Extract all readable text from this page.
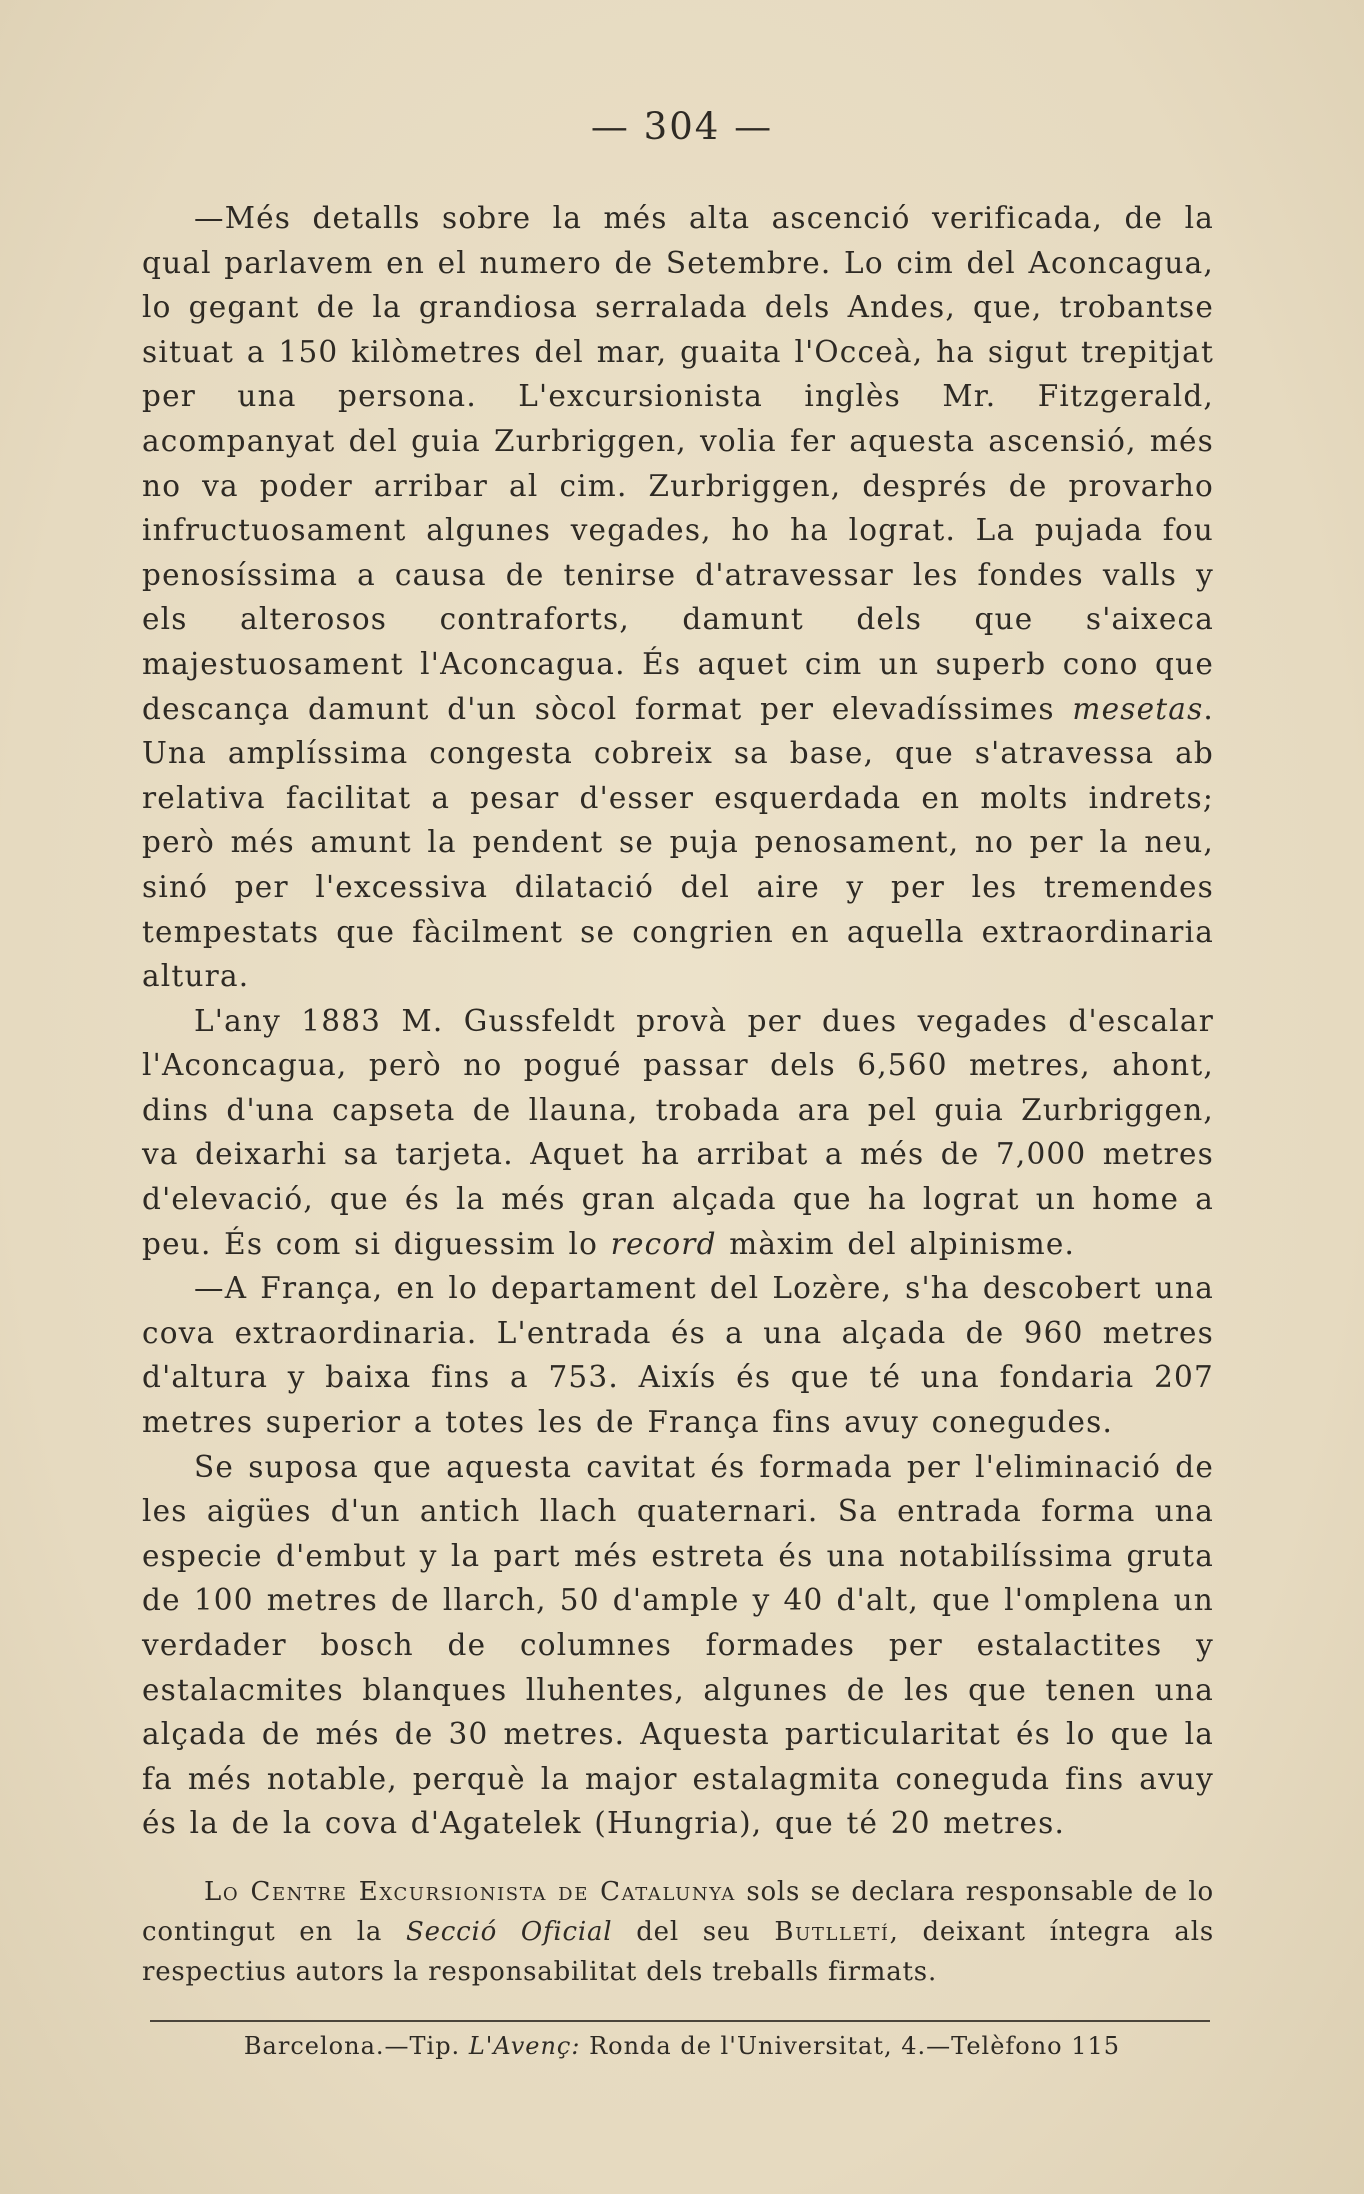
— 304 —

—Més detalls sobre la més alta ascenció verificada, de la qual parlavem en el numero de Setembre. Lo cim del Aconcagua, lo gegant de la grandiosa serralada dels Andes, que, trobantse situat a 150 kilòmetres del mar, guaita l'Occeà, ha sigut trepitjat per una persona. L'excursionista inglès Mr. Fitzgerald, acompanyat del guia Zurbriggen, volia fer aquesta ascensió, més no va poder arribar al cim. Zurbriggen, després de provarho infructuosament algunes vegades, ho ha lograt. La pujada fou penosíssima a causa de tenirse d'atravessar les fondes valls y els alterosos contraforts, damunt dels que s'aixeca majestuosament l'Aconcagua. És aquet cim un superb cono que descança damunt d'un sòcol format per elevadíssimes mesetas. Una amplíssima congesta cobreix sa base, que s'atravessa ab relativa facilitat a pesar d'esser esquerdada en molts indrets; però més amunt la pendent se puja penosament, no per la neu, sinó per l'excessiva dilatació del aire y per les tremendes tempestats que fàcilment se congrien en aquella extraordinaria altura.

L'any 1883 M. Gussfeldt provà per dues vegades d'escalar l'Aconcagua, però no pogué passar dels 6,560 metres, ahont, dins d'una capseta de llauna, trobada ara pel guia Zurbriggen, va deixarhi sa tarjeta. Aquet ha arribat a més de 7,000 metres d'elevació, que és la més gran alçada que ha lograt un home a peu. És com si diguessim lo record màxim del alpinisme.

—A França, en lo departament del Lozère, s'ha descobert una cova extraordinaria. L'entrada és a una alçada de 960 metres d'altura y baixa fins a 753. Aixís és que té una fondaria 207 metres superior a totes les de França fins avuy conegudes.

Se suposa que aquesta cavitat és formada per l'eliminació de les aigües d'un antich llach quaternari. Sa entrada forma una especie d'embut y la part més estreta és una notabilíssima gruta de 100 metres de llarch, 50 d'ample y 40 d'alt, que l'omplena un verdader bosch de columnes formades per estalactites y estalacmites blanques lluhentes, algunes de les que tenen una alçada de més de 30 metres. Aquesta particularitat és lo que la fa més notable, perquè la major estalagmita coneguda fins avuy és la de la cova d'Agatelek (Hungria), que té 20 metres.

Lo Centre Excursionista de Catalunya sols se declara responsable de lo contingut en la Secció Oficial del seu Butlletí, deixant íntegra als respectius autors la responsabilitat dels treballs firmats.
Barcelona.—Tip. L'Avenç: Ronda de l'Universitat, 4.—Telèfono 115
